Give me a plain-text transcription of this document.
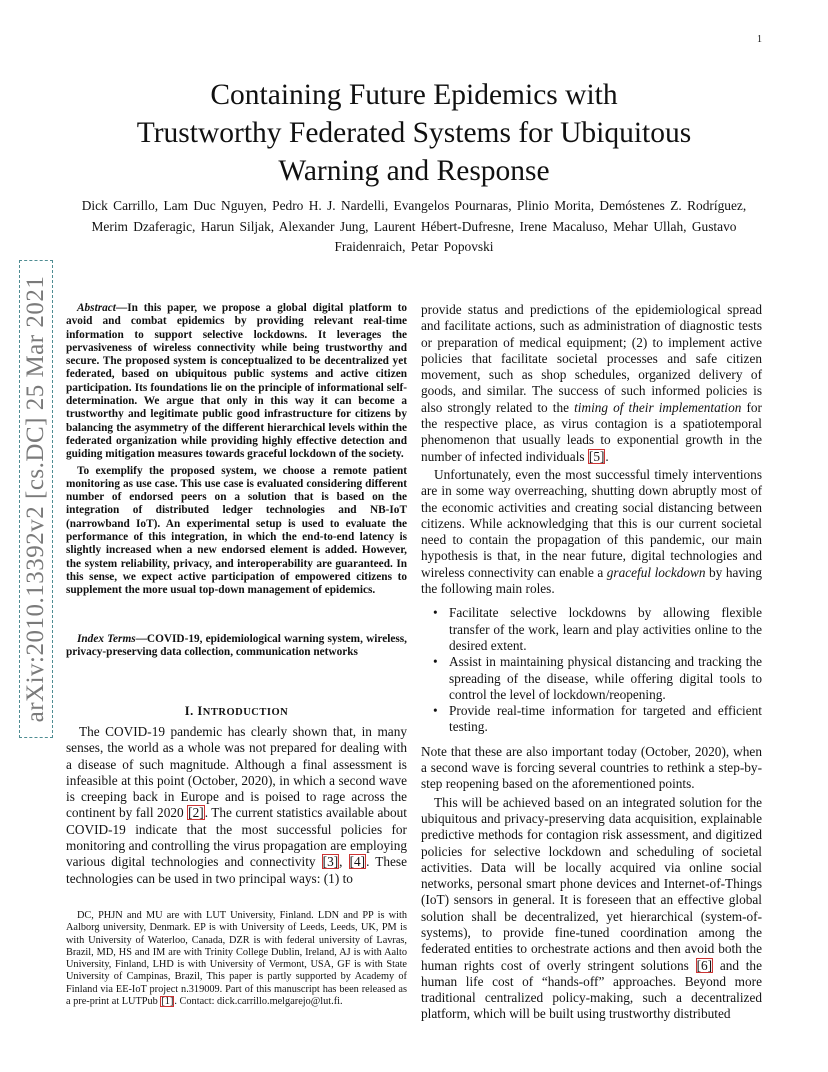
1
arXiv:2010.13392v2 [cs.DC] 25 Mar 2021
Containing Future Epidemics with
Trustworthy Federated Systems for Ubiquitous
Warning and Response
Dick Carrillo, Lam Duc Nguyen, Pedro H. J. Nardelli, Evangelos Pournaras, Plinio Morita, Demóstenes Z. Rodríguez, Merim Dzaferagic, Harun Siljak, Alexander Jung, Laurent Hébert-Dufresne, Irene Macaluso, Mehar Ullah, Gustavo Fraidenraich, Petar Popovski

Abstract—In this paper, we propose a global digital platform to avoid and combat epidemics by providing relevant real-time information to support selective lockdowns. It leverages the pervasiveness of wireless connectivity while being trustworthy and secure. The proposed system is conceptualized to be decentralized yet federated, based on ubiquitous public systems and active citizen participation. Its foundations lie on the principle of informational self-determination. We argue that only in this way it can become a trustworthy and legitimate public good infrastructure for citizens by balancing the asymmetry of the different hierarchical levels within the federated organization while providing highly effective detection and guiding mitigation measures towards graceful lockdown of the society.

To exemplify the proposed system, we choose a remote patient monitoring as use case. This use case is evaluated considering different number of endorsed peers on a solution that is based on the integration of distributed ledger technologies and NB-IoT (narrowband IoT). An experimental setup is used to evaluate the performance of this integration, in which the end-to-end latency is slightly increased when a new endorsed element is added. However, the system reliability, privacy, and interoperability are guaranteed. In this sense, we expect active participation of empowered citizens to supplement the more usual top-down management of epidemics.

Index Terms—COVID-19, epidemiological warning system, wireless, privacy-preserving data collection, communication networks

I. INTRODUCTION

The COVID-19 pandemic has clearly shown that, in many senses, the world as a whole was not prepared for dealing with a disease of such magnitude. Although a final assessment is infeasible at this point (October, 2020), in which a second wave is creeping back in Europe and is poised to rage across the continent by fall 2020 [2]. The current statistics available about COVID-19 indicate that the most successful policies for monitoring and controlling the virus propagation are employing various digital technologies and connectivity [3], [4]. These technologies can be used in two principal ways: (1) to

DC, PHJN and MU are with LUT University, Finland. LDN and PP is with Aalborg university, Denmark. EP is with University of Leeds, Leeds, UK, PM is with University of Waterloo, Canada, DZR is with federal university of Lavras, Brazil, MD, HS and IM are with Trinity College Dublin, Ireland, AJ is with Aalto University, Finland, LHD is with University of Vermont, USA, GF is with State University of Campinas, Brazil, This paper is partly supported by Academy of Finland via EE-IoT project n.319009. Part of this manuscript has been released as a pre-print at LUTPub [1]. Contact: dick.carrillo.melgarejo@lut.fi.

provide status and predictions of the epidemiological spread and facilitate actions, such as administration of diagnostic tests or preparation of medical equipment; (2) to implement active policies that facilitate societal processes and safe citizen movement, such as shop schedules, organized delivery of goods, and similar. The success of such informed policies is also strongly related to the timing of their implementation for the respective place, as virus contagion is a spatiotemporal phenomenon that usually leads to exponential growth in the number of infected individuals [5].

Unfortunately, even the most successful timely interventions are in some way overreaching, shutting down abruptly most of the economic activities and creating social distancing between citizens. While acknowledging that this is our current societal need to contain the propagation of this pandemic, our main hypothesis is that, in the near future, digital technologies and wireless connectivity can enable a graceful lockdown by having the following main roles.

• Facilitate selective lockdowns by allowing flexible transfer of the work, learn and play activities online to the desired extent.
• Assist in maintaining physical distancing and tracking the spreading of the disease, while offering digital tools to control the level of lockdown/reopening.
• Provide real-time information for targeted and efficient testing.

Note that these are also important today (October, 2020), when a second wave is forcing several countries to rethink a step-by-step reopening based on the aforementioned points.

This will be achieved based on an integrated solution for the ubiquitous and privacy-preserving data acquisition, explainable predictive methods for contagion risk assessment, and digitized policies for selective lockdown and scheduling of societal activities. Data will be locally acquired via online social networks, personal smart phone devices and Internet-of-Things (IoT) sensors in general. It is foreseen that an effective global solution shall be decentralized, yet hierarchical (system-of-systems), to provide fine-tuned coordination among the federated entities to orchestrate actions and then avoid both the human rights cost of overly stringent solutions [6] and the human life cost of “hands-off” approaches. Beyond more traditional centralized policy-making, such a decentralized platform, which will be built using trustworthy distributed
